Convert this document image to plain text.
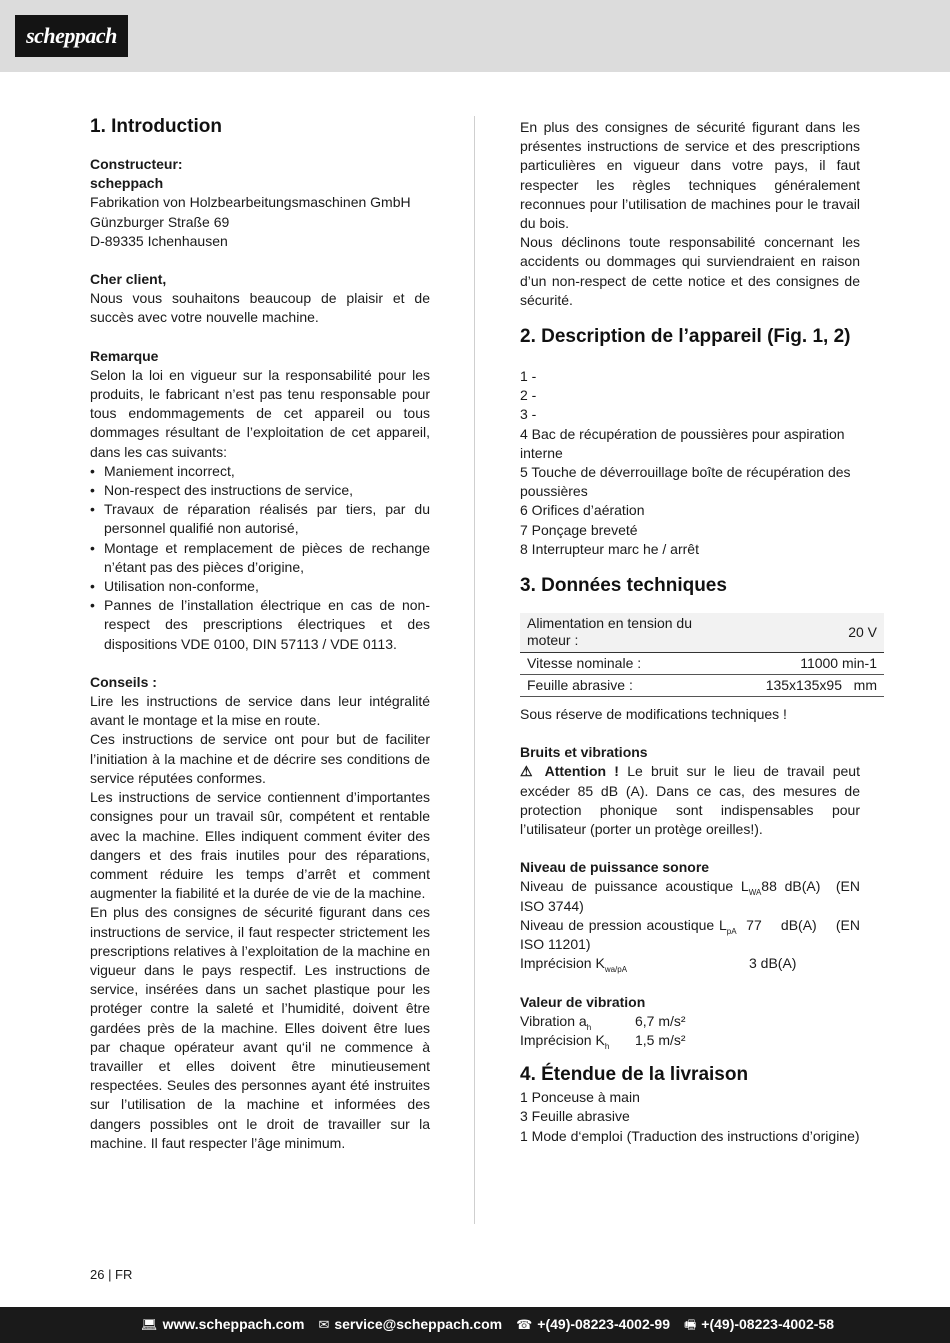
scheppach
1. Introduction

Constructeur:

scheppach

Fabrikation von Holzbearbeitungsmaschinen GmbH

Günzburger Straße 69

D-89335 Ichenhausen

Cher client,

Nous vous souhaitons beaucoup de plaisir et de succès avec votre nouvelle machine.

Remarque

Selon la loi en vigueur sur la responsabilité pour les produits, le fabricant n’est pas tenu responsable pour tous endommagements de cet appareil ou tous dommages résultant de l’exploitation de cet appareil, dans les cas suivants:

• Maniement incorrect,
• Non-respect des instructions de service,
• Travaux de réparation réalisés par tiers, par du personnel qualifié non autorisé,
• Montage et remplacement de pièces de rechange n’étant pas des pièces d’origine,
• Utilisation non-conforme,
• Pannes de l’installation électrique en cas de non-respect des prescriptions électriques et des dispositions VDE 0100, DIN 57113 / VDE 0113.

Conseils :

Lire les instructions de service dans leur intégralité avant le montage et la mise en route.

Ces instructions de service ont pour but de faciliter l’initiation à la machine et de décrire ses conditions de service réputées conformes.

Les instructions de service contiennent d’importantes consignes pour un travail sûr, compétent et rentable avec la machine. Elles indiquent comment éviter des dangers et des frais inutiles pour des réparations, comment réduire les temps d’arrêt et comment augmenter la fiabilité et la durée de vie de la machine.

En plus des consignes de sécurité figurant dans ces instructions de service, il faut respecter strictement les prescriptions relatives à l’exploitation de la machine en vigueur dans le pays respectif. Les instructions de service, insérées dans un sachet plastique pour les protéger contre la saleté et l’humidité, doivent être gardées près de la machine. Elles doivent être lues par chaque opérateur avant qu‘il ne commence à travailler et elles doivent être minutieusement respectées. Seules des personnes ayant été instruites sur l’utilisation de la machine et informées des dangers possibles ont le droit de travailler sur la machine. Il faut respecter l’âge minimum.

En plus des consignes de sécurité figurant dans les présentes instructions de service et des prescriptions particulières en vigueur dans votre pays, il faut respecter les règles techniques généralement reconnues pour l’utilisation de machines pour le travail du bois.

Nous déclinons toute responsabilité concernant les accidents ou dommages qui surviendraient en raison d’un non-respect de cette notice et des consignes de sécurité.

2. Description de l’appareil (Fig. 1, 2)

1 -

2 -

3 -

4 Bac de récupération de poussières pour aspiration interne

5 Touche de déverrouillage boîte de récupération des poussières

6 Orifices d’aération

7 Ponçage breveté

8 Interrupteur marc he / arrêt

3. Données techniques
Alimentation en tension du moteur :	20 V
Vitesse nominale :	11000 min-1
Feuille abrasive :	135x135x95   mm

Sous réserve de modifications techniques !

Bruits et vibrations

⚠ Attention ! Le bruit sur le lieu de travail peut excéder 85 dB (A). Dans ce cas, des mesures de protection phonique sont indispensables pour l’utilisateur (porter un protège oreilles!).

Niveau de puissance sonore

Niveau de puissance acoustique $L_{WA}88$ dB(A)  (EN ISO 3744)

Niveau de pression acoustique $L_{pA}$  77    dB(A)    (EN ISO 11201)

Imprécision $K_{wa/pA}$	3 dB(A)

Valeur de vibration

Vibration $a_h$	6,7 m/s²
Imprécision $K_h$	1,5 m/s²
4. Étendue de la livraison

1 Ponceuse à main

3 Feuille abrasive

1 Mode d‘emploi (Traduction des instructions d’origine)

26 | FR
💻︎ www.scheppach.com ✉ service@scheppach.com ☎ +(49)-08223-4002-99 🖷︎ +(49)-08223-4002-58
